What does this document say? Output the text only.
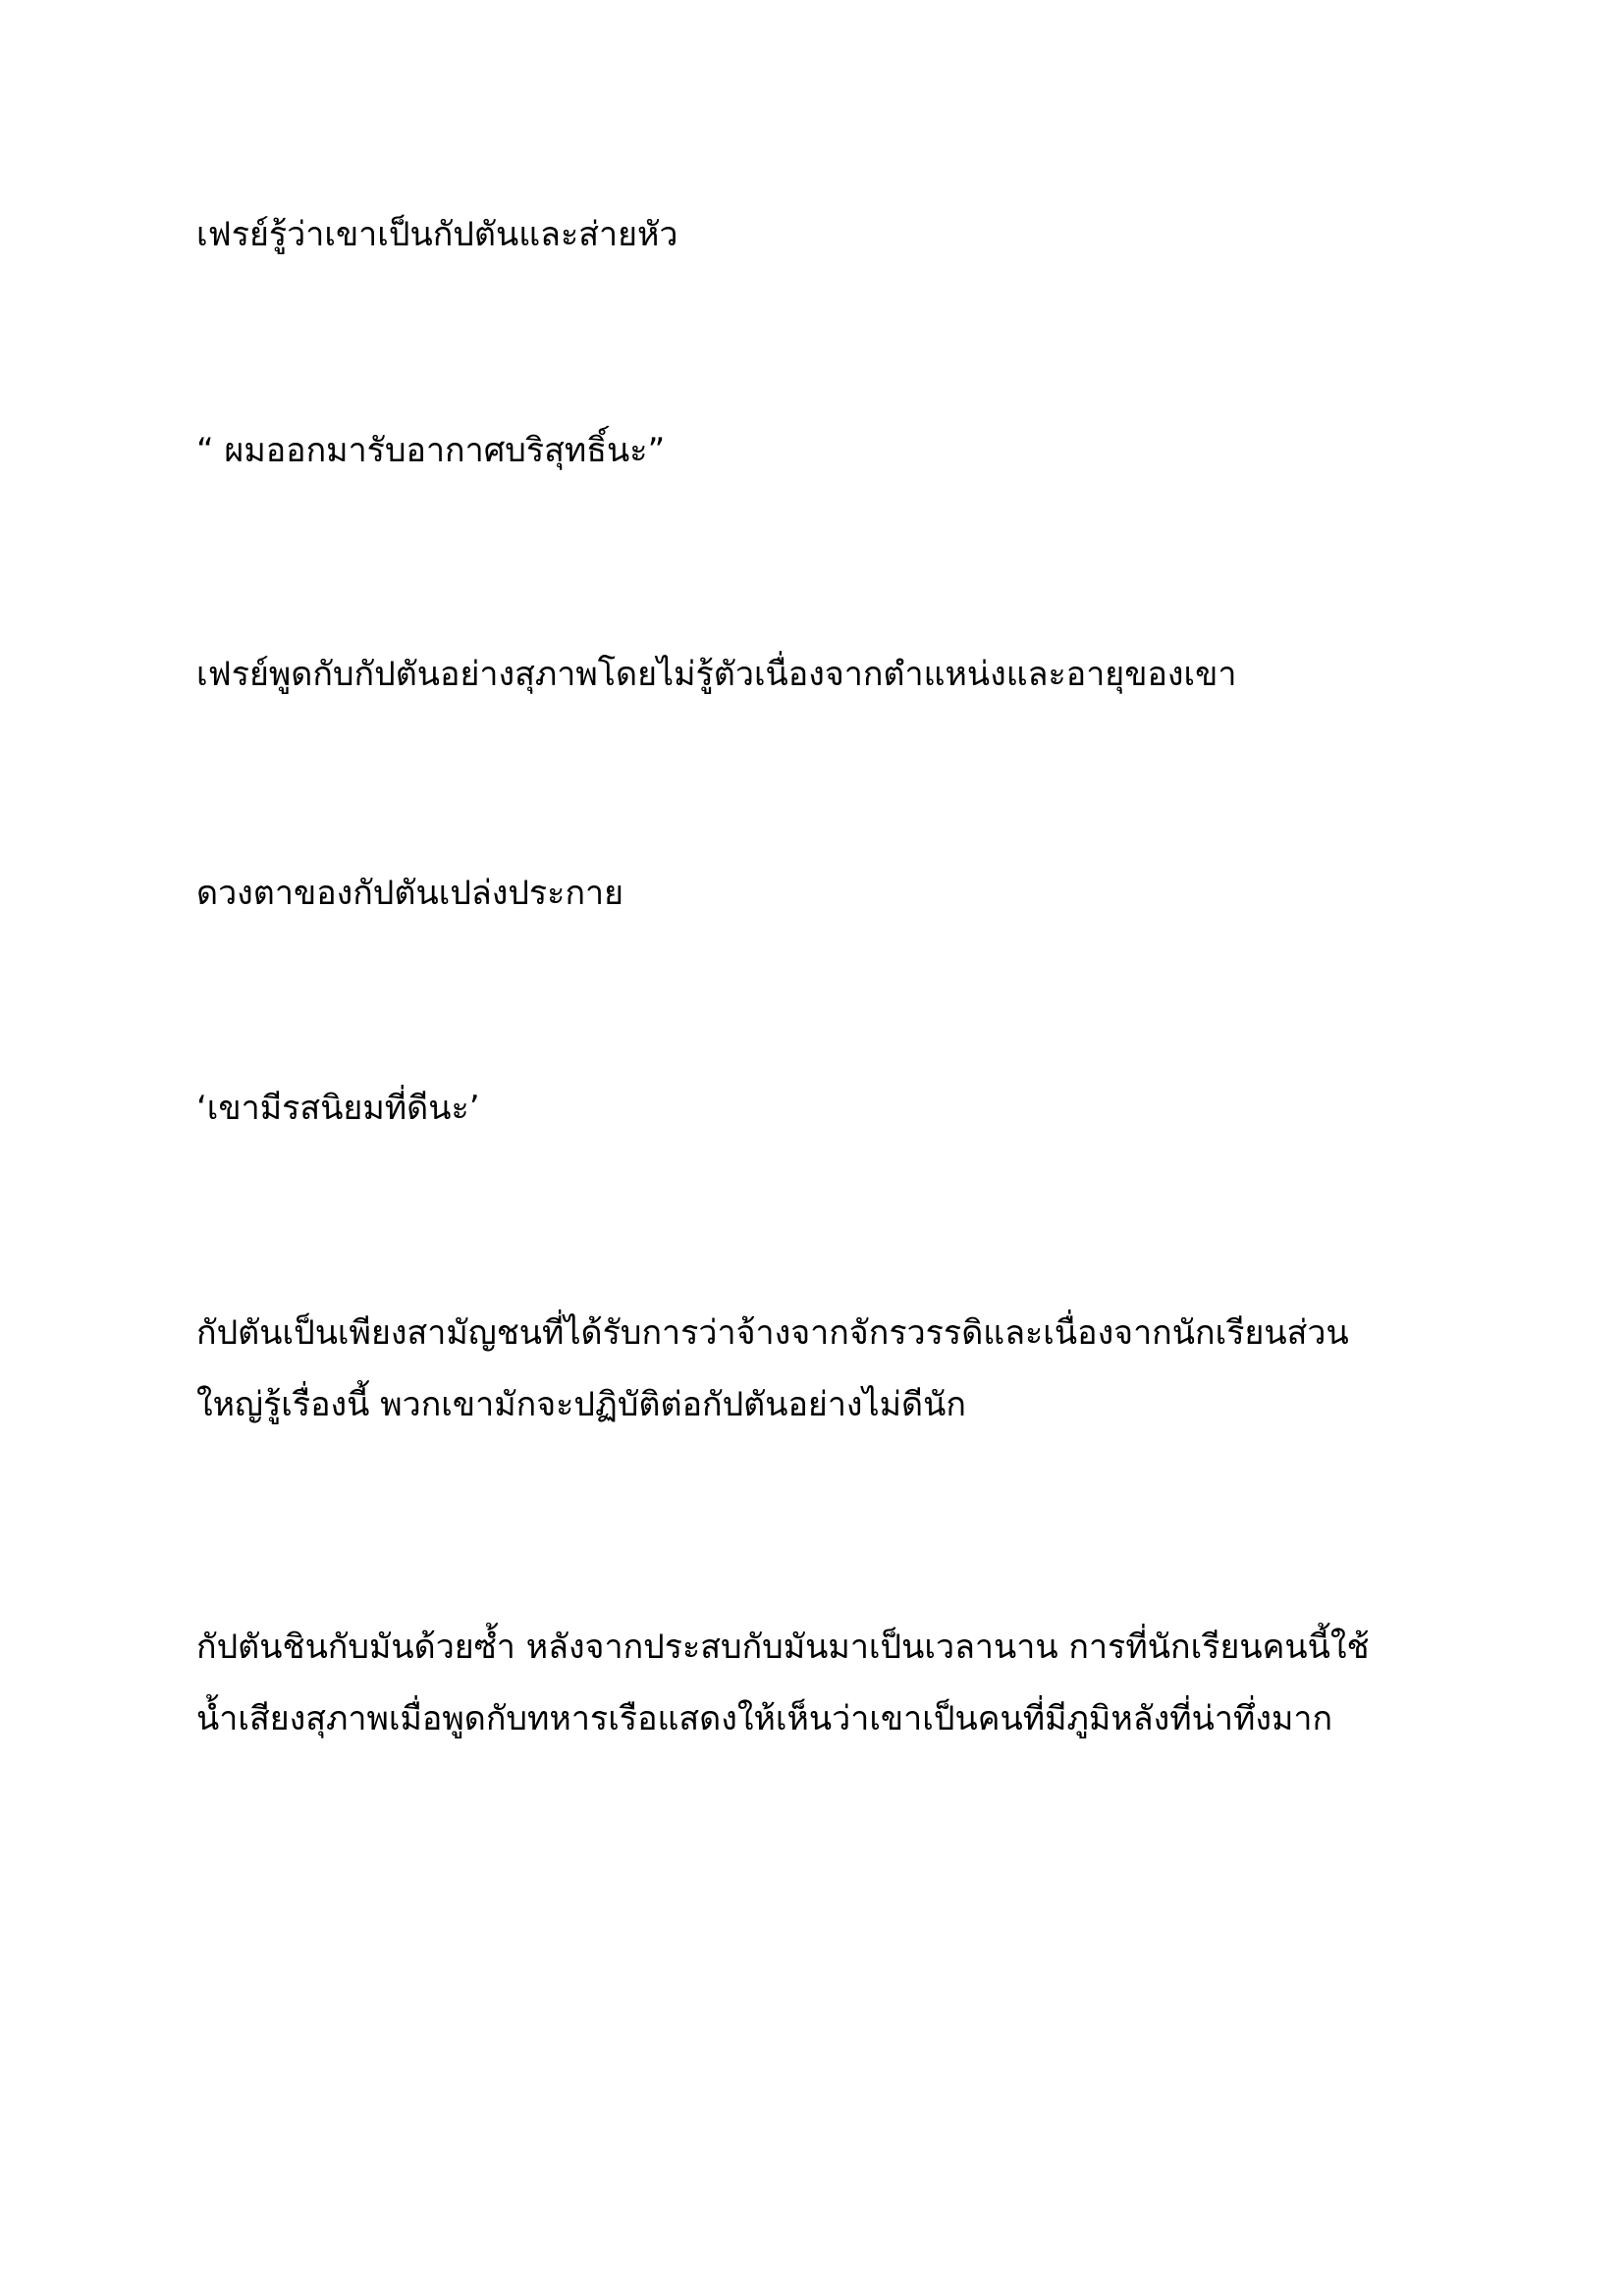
เฟรย์รู้ว่าเขาเป็นกัปตันและส่ายหัว

“ ผมออกมารับอากาศบริสุทธิ์นะ”

เฟรย์พูดกับกัปตันอย่างสุภาพโดยไม่รู้ตัวเนื่องจากตำแหน่งและอายุของเขา

ดวงตาของกัปตันเปล่งประกาย

‘เขามีรสนิยมที่ดีนะ’

กัปตันเป็นเพียงสามัญชนที่ได้รับการว่าจ้างจากจักรวรรดิและเนื่องจากนักเรียนส่วน
ใหญ่รู้เรื่องนี้ พวกเขามักจะปฏิบัติต่อกัปตันอย่างไม่ดีนัก

กัปตันชินกับมันด้วยซ้ำ หลังจากประสบกับมันมาเป็นเวลานาน การที่นักเรียนคนนี้ใช้
น้ำเสียงสุภาพเมื่อพูดกับทหารเรือแสดงให้เห็นว่าเขาเป็นคนที่มีภูมิหลังที่น่าทึ่งมาก
